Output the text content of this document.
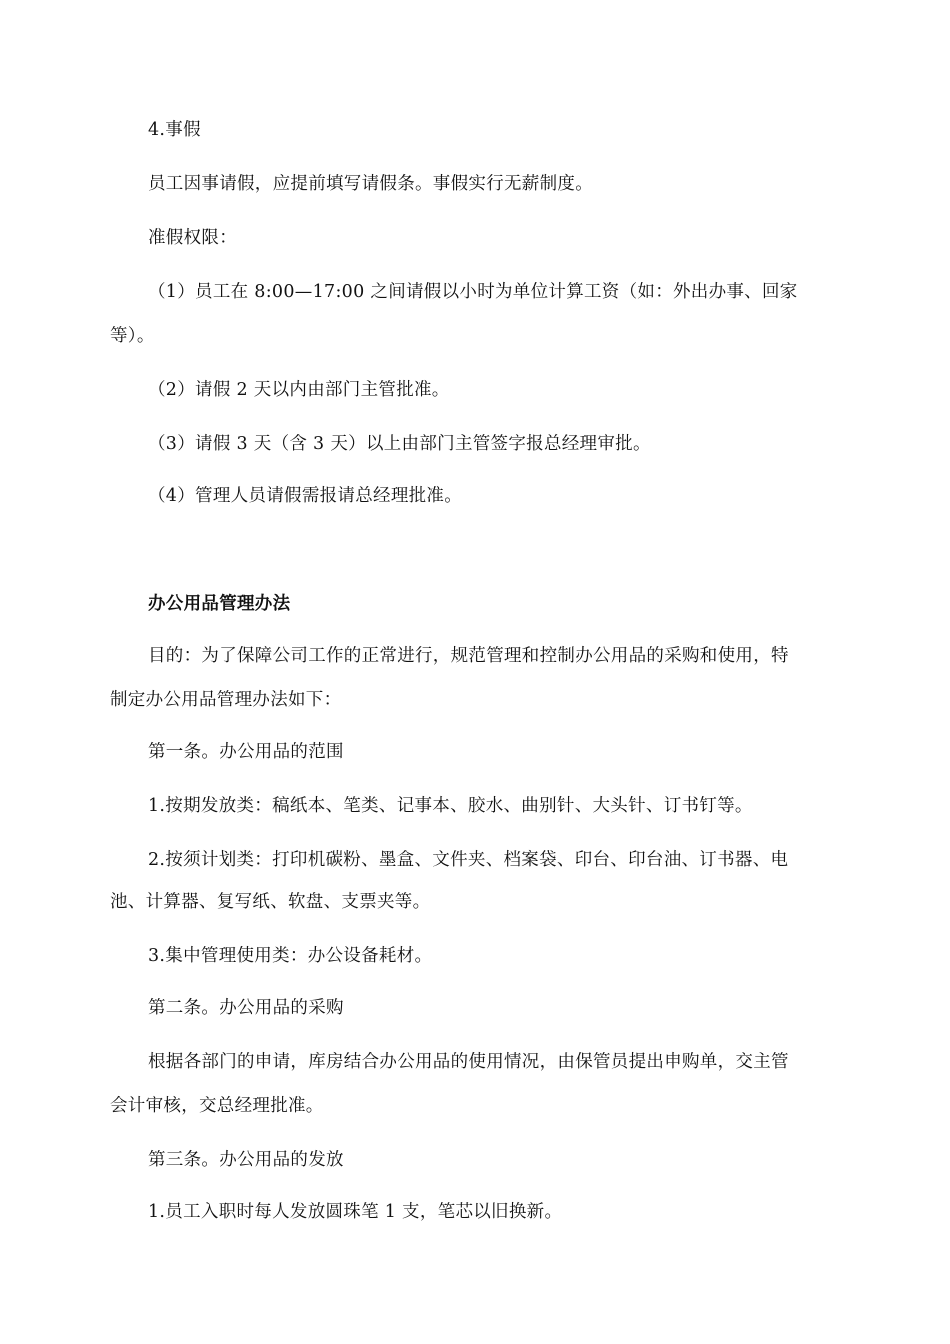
4.事假
员工因事请假，应提前填写请假条。事假实行无薪制度。
准假权限：
（1）员工在 8:00—17:00 之间请假以小时为单位计算工资（如：外出办事、回家
等）。
（2）请假 2 天以内由部门主管批准。
（3）请假 3 天（含 3 天）以上由部门主管签字报总经理审批。
（4）管理人员请假需报请总经理批准。
办公用品管理办法
目的：为了保障公司工作的正常进行，规范管理和控制办公用品的采购和使用，特
制定办公用品管理办法如下：
第一条。办公用品的范围
1.按期发放类：稿纸本、笔类、记事本、胶水、曲别针、大头针、订书钉等。
2.按须计划类：打印机碳粉、墨盒、文件夹、档案袋、印台、印台油、订书器、电
池、计算器、复写纸、软盘、支票夹等。
3.集中管理使用类：办公设备耗材。
第二条。办公用品的采购
根据各部门的申请，库房结合办公用品的使用情况，由保管员提出申购单，交主管
会计审核，交总经理批准。
第三条。办公用品的发放
1.员工入职时每人发放圆珠笔 1 支，笔芯以旧换新。
